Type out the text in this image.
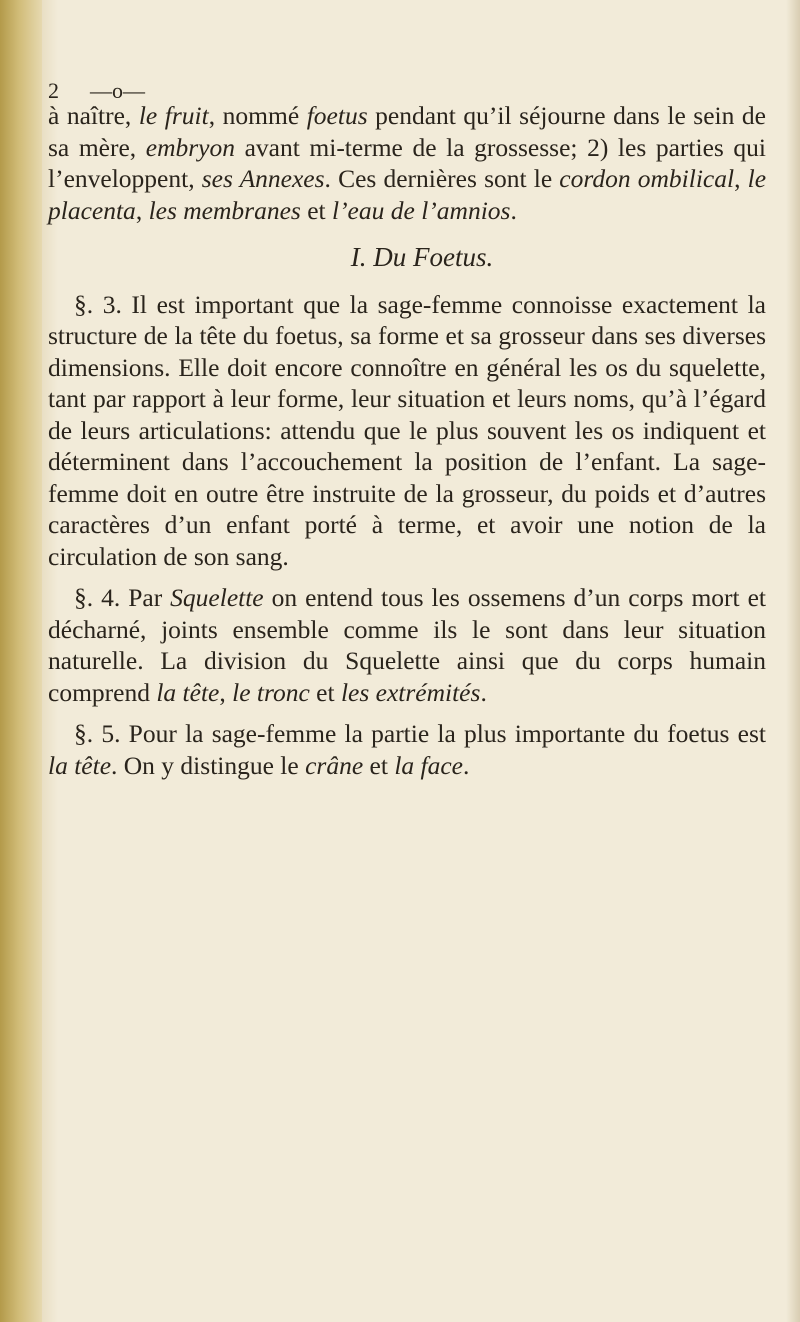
2 —o—

à naître, le fruit, nommé foetus pendant qu’il séjourne dans le sein de sa mère, embryon avant mi-terme de la grossesse; 2) les parties qui l’enveloppent, ses Annexes. Ces dernières sont le cordon ombilical, le placenta, les membranes et l’eau de l’amnios.

I. Du Foetus.

§. 3. Il est important que la sage-femme connoisse exactement la structure de la tête du foetus, sa forme et sa grosseur dans ses diverses dimensions. Elle doit encore connoître en général les os du squelette, tant par rapport à leur forme, leur situation et leurs noms, qu’à l’égard de leurs articulations: attendu que le plus souvent les os indiquent et déterminent dans l’accouchement la position de l’enfant. La sage-femme doit en outre être instruite de la grosseur, du poids et d’autres caractères d’un enfant porté à terme, et avoir une notion de la circulation de son sang.

§. 4. Par Squelette on entend tous les ossemens d’un corps mort et décharné, joints ensemble comme ils le sont dans leur situation naturelle. La division du Squelette ainsi que du corps humain comprend la tête, le tronc et les extrémités.

§. 5. Pour la sage-femme la partie la plus importante du foetus est la tête. On y distingue le crâne et la face.
